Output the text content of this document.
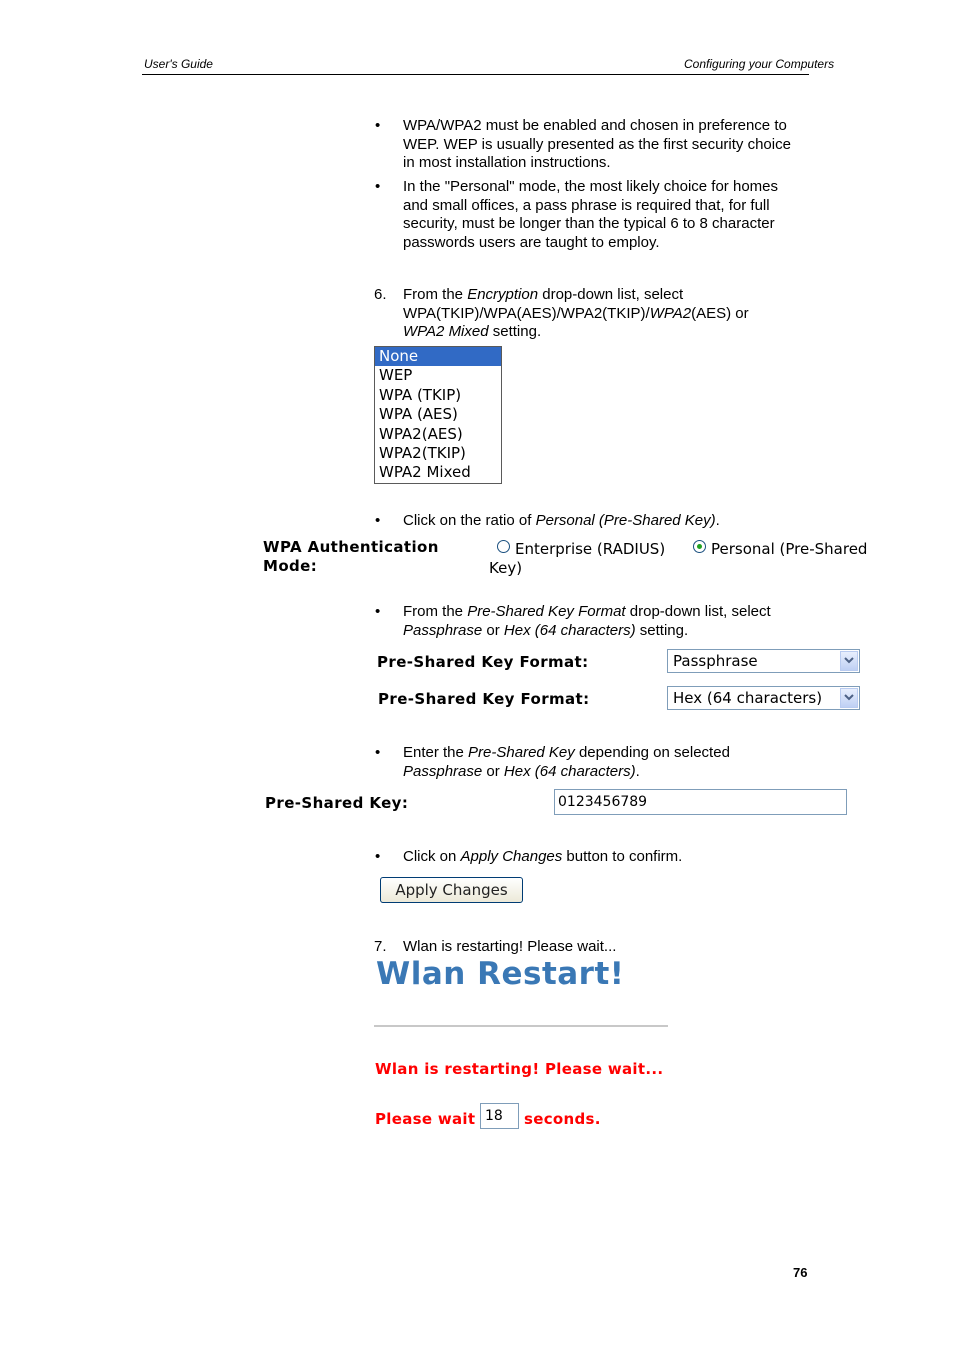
User's Guide	Configuring your Computers
• WPA/WPA2 must be enabled and chosen in preference to
WEP. WEP is usually presented as the first security choice
in most installation instructions.
• In the "Personal" mode, the most likely choice for homes
and small offices, a pass phrase is required that, for full
security, must be longer than the typical 6 to 8 character
passwords users are taught to employ.
6. From the Encryption drop-down list, select
WPA(TKIP)/WPA(AES)/WPA2(TKIP)/WPA2(AES) or
WPA2 Mixed setting.
None
WEP
WPA (TKIP)
WPA (AES)
WPA2(AES)
WPA2(TKIP)
WPA2 Mixed
• Click on the ratio of Personal (Pre-Shared Key).
WPA Authentication
Mode:
Enterprise (RADIUS)	Personal (Pre-Shared
Key)
• From the Pre-Shared Key Format drop-down list, select
Passphrase or Hex (64 characters) setting.
Pre-Shared Key Format:	Passphrase
Pre-Shared Key Format:	Hex (64 characters)
• Enter the Pre-Shared Key depending on selected
Passphrase or Hex (64 characters).
Pre-Shared Key:	0123456789
• Click on Apply Changes button to confirm.
Apply Changes
7. Wlan is restarting! Please wait...
Wlan Restart!
Wlan is restarting! Please wait...
Please wait 18 seconds.
76
